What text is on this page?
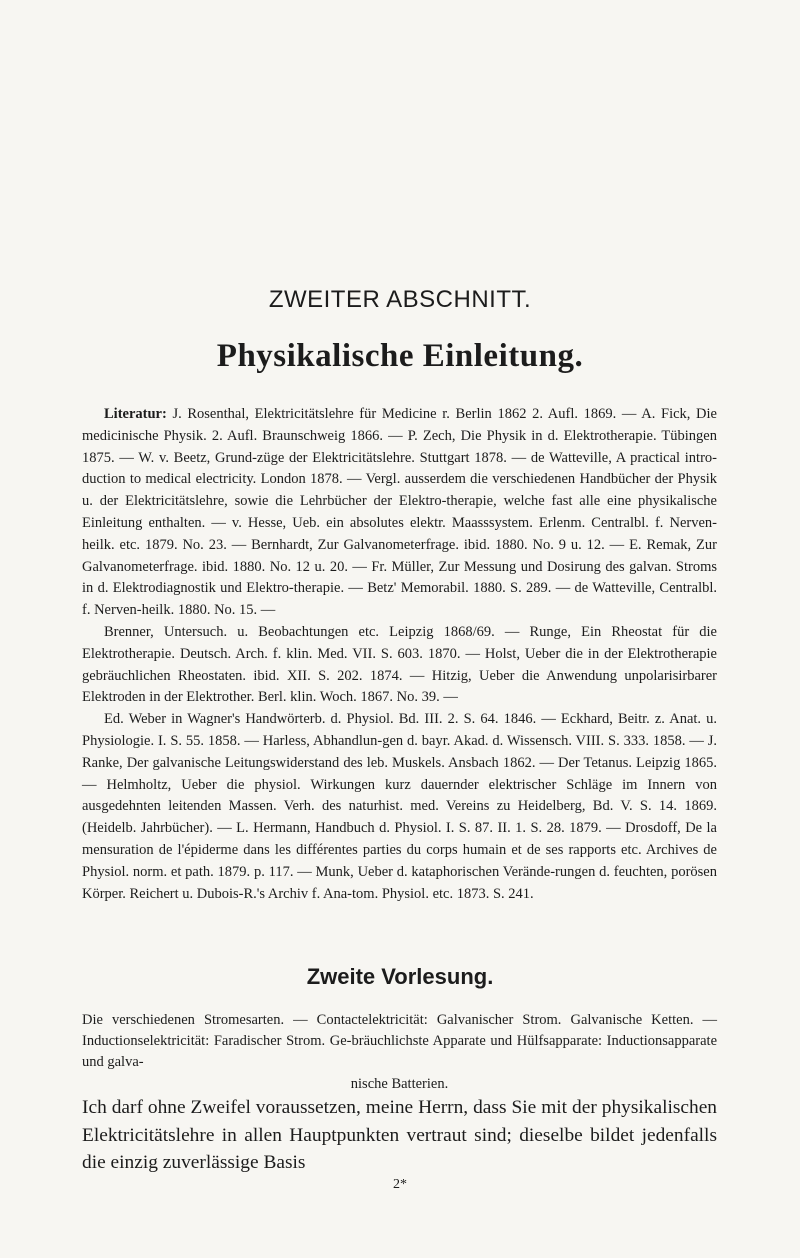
ZWEITER ABSCHNITT.
Physikalische Einleitung.

Literatur: J. Rosenthal, Elektricitätslehre für Medicine r. Berlin 1862 2. Aufl. 1869. — A. Fick, Die medicinische Physik. 2. Aufl. Braunschweig 1866. — P. Zech, Die Physik in d. Elektrotherapie. Tübingen 1875. — W. v. Beetz, Grund-züge der Elektricitätslehre. Stuttgart 1878. — de Watteville, A practical intro-duction to medical electricity. London 1878. — Vergl. ausserdem die verschiedenen Handbücher der Physik u. der Elektricitätslehre, sowie die Lehrbücher der Elektro-therapie, welche fast alle eine physikalische Einleitung enthalten. — v. Hesse, Ueb. ein absolutes elektr. Maasssystem. Erlenm. Centralbl. f. Nerven-heilk. etc. 1879. No. 23. — Bernhardt, Zur Galvanometerfrage. ibid. 1880. No. 9 u. 12. — E. Remak, Zur Galvanometerfrage. ibid. 1880. No. 12 u. 20. — Fr. Müller, Zur Messung und Dosirung des galvan. Stroms in d. Elektrodiagnostik und Elektro-therapie. — Betz' Memorabil. 1880. S. 289. — de Watteville, Centralbl. f. Nerven-heilk. 1880. No. 15. —

Brenner, Untersuch. u. Beobachtungen etc. Leipzig 1868/69. — Runge, Ein Rheostat für die Elektrotherapie. Deutsch. Arch. f. klin. Med. VII. S. 603. 1870. — Holst, Ueber die in der Elektrotherapie gebräuchlichen Rheostaten. ibid. XII. S. 202. 1874. — Hitzig, Ueber die Anwendung unpolarisirbarer Elektroden in der Elektrother. Berl. klin. Woch. 1867. No. 39. —

Ed. Weber in Wagner's Handwörterb. d. Physiol. Bd. III. 2. S. 64. 1846. — Eckhard, Beitr. z. Anat. u. Physiologie. I. S. 55. 1858. — Harless, Abhandlun-gen d. bayr. Akad. d. Wissensch. VIII. S. 333. 1858. — J. Ranke, Der galvanische Leitungswiderstand des leb. Muskels. Ansbach 1862. — Der Tetanus. Leipzig 1865. — Helmholtz, Ueber die physiol. Wirkungen kurz dauernder elektrischer Schläge im Innern von ausgedehnten leitenden Massen. Verh. des naturhist. med. Vereins zu Heidelberg, Bd. V. S. 14. 1869. (Heidelb. Jahrbücher). — L. Hermann, Handbuch d. Physiol. I. S. 87. II. 1. S. 28. 1879. — Drosdoff, De la mensuration de l'épiderme dans les différentes parties du corps humain et de ses rapports etc. Archives de Physiol. norm. et path. 1879. p. 117. — Munk, Ueber d. kataphorischen Verände-rungen d. feuchten, porösen Körper. Reichert u. Dubois-R.'s Archiv f. Ana-tom. Physiol. etc. 1873. S. 241.

Zweite Vorlesung.
Die verschiedenen Stromesarten. — Contactelektricität: Galvanischer Strom. Galvanische Ketten. — Inductionselektricität: Faradischer Strom. Ge-bräuchlichste Apparate und Hülfsapparate: Inductionsapparate und galva-
nische Batterien.
Ich darf ohne Zweifel voraussetzen, meine Herrn, dass Sie mit der physikalischen Elektricitätslehre in allen Hauptpunkten vertraut sind; dieselbe bildet jedenfalls die einzig zuverlässige Basis
2*
